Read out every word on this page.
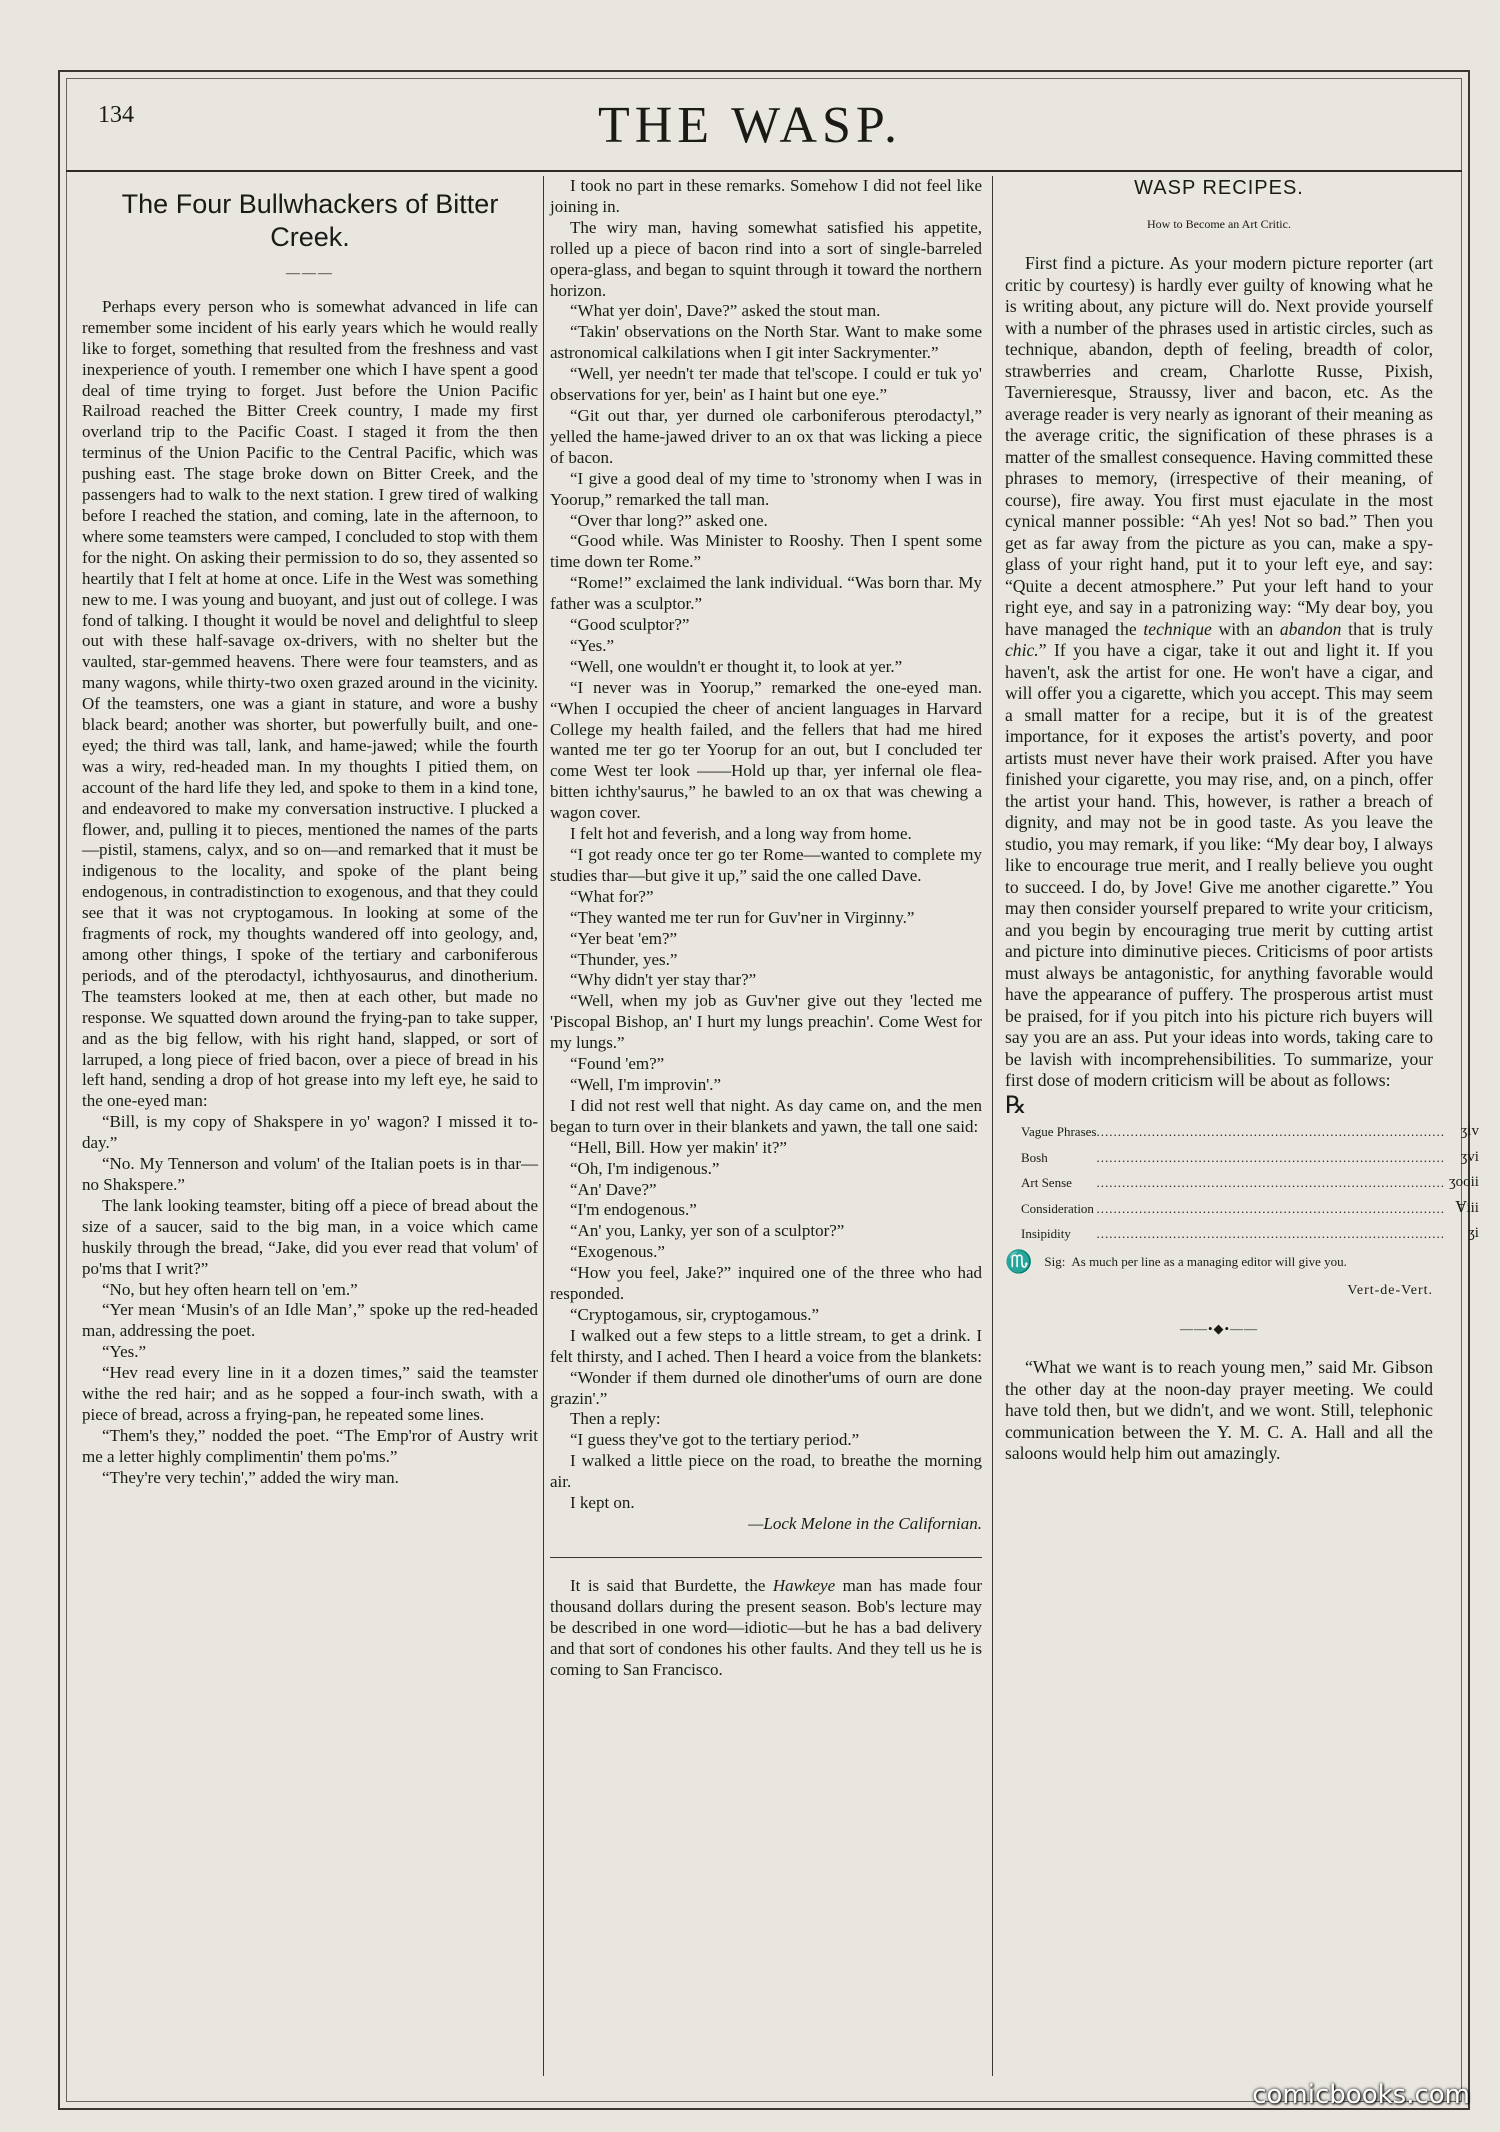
134	THE WASP.
The Four Bullwhackers of Bitter Creek.
———

Perhaps every person who is somewhat advanced in life can remember some incident of his early years which he would really like to forget, something that resulted from the freshness and vast inexperience of youth. I remember one which I have spent a good deal of time trying to forget. Just before the Union Pacific Railroad reached the Bitter Creek country, I made my first overland trip to the Pacific Coast. I staged it from the then terminus of the Union Pacific to the Central Pacific, which was pushing east. The stage broke down on Bitter Creek, and the passengers had to walk to the next station. I grew tired of walking before I reached the station, and coming, late in the afternoon, to where some teamsters were camped, I concluded to stop with them for the night. On asking their permission to do so, they assented so heartily that I felt at home at once. Life in the West was something new to me. I was young and buoyant, and just out of college. I was fond of talking. I thought it would be novel and delightful to sleep out with these half-savage ox-drivers, with no shelter but the vaulted, star-gemmed heavens. There were four teamsters, and as many wagons, while thirty-two oxen grazed around in the vicinity. Of the teamsters, one was a giant in stature, and wore a bushy black beard; another was shorter, but powerfully built, and one-eyed; the third was tall, lank, and hame-jawed; while the fourth was a wiry, red-headed man. In my thoughts I pitied them, on account of the hard life they led, and spoke to them in a kind tone, and endeavored to make my conversation instructive. I plucked a flower, and, pulling it to pieces, mentioned the names of the parts—pistil, stamens, calyx, and so on—and remarked that it must be indigenous to the locality, and spoke of the plant being endogenous, in contradistinction to exogenous, and that they could see that it was not cryptogamous. In looking at some of the fragments of rock, my thoughts wandered off into geology, and, among other things, I spoke of the tertiary and carboniferous periods, and of the pterodactyl, ichthyosaurus, and dinotherium. The teamsters looked at me, then at each other, but made no response. We squatted down around the frying-pan to take supper, and as the big fellow, with his right hand, slapped, or sort of larruped, a long piece of fried bacon, over a piece of bread in his left hand, sending a drop of hot grease into my left eye, he said to the one-eyed man:

“Bill, is my copy of Shakspere in yo' wagon? I missed it to-day.”

“No. My Tennerson and volum' of the Italian poets is in thar—no Shakspere.”

The lank looking teamster, biting off a piece of bread about the size of a saucer, said to the big man, in a voice which came huskily through the bread, “Jake, did you ever read that volum' of po'ms that I writ?”

“No, but hey often hearn tell on 'em.”

“Yer mean ‘Musin's of an Idle Man’,” spoke up the red-headed man, addressing the poet.

“Yes.”

“Hev read every line in it a dozen times,” said the teamster withe the red hair; and as he sopped a four-inch swath, with a piece of bread, across a frying-pan, he repeated some lines.

“Them's they,” nodded the poet. “The Emp'ror of Austry writ me a letter highly complimentin' them po'ms.”

“They're very techin',” added the wiry man.

I took no part in these remarks. Somehow I did not feel like joining in.

The wiry man, having somewhat satisfied his appetite, rolled up a piece of bacon rind into a sort of single-barreled opera-glass, and began to squint through it toward the northern horizon.

“What yer doin', Dave?” asked the stout man.

“Takin' observations on the North Star. Want to make some astronomical calkilations when I git inter Sackrymenter.”

“Well, yer needn't ter made that tel'scope. I could er tuk yo' observations for yer, bein' as I haint but one eye.”

“Git out thar, yer durned ole carboniferous pterodactyl,” yelled the hame-jawed driver to an ox that was licking a piece of bacon.

“I give a good deal of my time to 'stronomy when I was in Yoorup,” remarked the tall man.

“Over thar long?” asked one.

“Good while. Was Minister to Rooshy. Then I spent some time down ter Rome.”

“Rome!” exclaimed the lank individual. “Was born thar. My father was a sculptor.”

“Good sculptor?”

“Yes.”

“Well, one wouldn't er thought it, to look at yer.”

“I never was in Yoorup,” remarked the one-eyed man. “When I occupied the cheer of ancient languages in Harvard College my health failed, and the fellers that had me hired wanted me ter go ter Yoorup for an out, but I concluded ter come West ter look ——Hold up thar, yer infernal ole flea-bitten ichthy'saurus,” he bawled to an ox that was chewing a wagon cover.

I felt hot and feverish, and a long way from home.

“I got ready once ter go ter Rome—wanted to complete my studies thar—but give it up,” said the one called Dave.

“What for?”

“They wanted me ter run for Guv'ner in Virginny.”

“Yer beat 'em?”

“Thunder, yes.”

“Why didn't yer stay thar?”

“Well, when my job as Guv'ner give out they 'lected me 'Piscopal Bishop, an' I hurt my lungs preachin'. Come West for my lungs.”

“Found 'em?”

“Well, I'm improvin'.”

I did not rest well that night. As day came on, and the men began to turn over in their blankets and yawn, the tall one said:

“Hell, Bill. How yer makin' it?”

“Oh, I'm indigenous.”

“An' Dave?”

“I'm endogenous.”

“An' you, Lanky, yer son of a sculptor?”

“Exogenous.”

“How you feel, Jake?” inquired one of the three who had responded.

“Cryptogamous, sir, cryptogamous.”

I walked out a few steps to a little stream, to get a drink. I felt thirsty, and I ached. Then I heard a voice from the blankets:

“Wonder if them durned ole dinother'ums of ourn are done grazin'.”

Then a reply:

“I guess they've got to the tertiary period.”

I walked a little piece on the road, to breathe the morning air.

I kept on.

—Lock Melone in the Californian.

It is said that Burdette, the Hawkeye man has made four thousand dollars during the present season. Bob's lecture may be described in one word—idiotic—but he has a bad delivery and that sort of condones his other faults. And they tell us he is coming to San Francisco.

WASP RECIPES.
How to Become an Art Critic.

First find a picture. As your modern picture reporter (art critic by courtesy) is hardly ever guilty of knowing what he is writing about, any picture will do. Next provide yourself with a number of the phrases used in artistic circles, such as technique, abandon, depth of feeling, breadth of color, strawberries and cream, Charlotte Russe, Pixish, Tavernieresque, Straussy, liver and bacon, etc. As the average reader is very nearly as ignorant of their meaning as the average critic, the signification of these phrases is a matter of the smallest consequence. Having committed these phrases to memory, (irrespective of their meaning, of course), fire away. You first must ejaculate in the most cynical manner possible: “Ah yes! Not so bad.” Then you get as far away from the picture as you can, make a spy-glass of your right hand, put it to your left eye, and say: “Quite a decent atmosphere.” Put your left hand to your right eye, and say in a patronizing way: “My dear boy, you have managed the technique with an abandon that is truly chic.” If you have a cigar, take it out and light it. If you haven't, ask the artist for one. He won't have a cigar, and will offer you a cigarette, which you accept. This may seem a small matter for a recipe, but it is of the greatest importance, for it exposes the artist's poverty, and poor artists must never have their work praised. After you have finished your cigarette, you may rise, and, on a pinch, offer the artist your hand. This, however, is rather a breach of dignity, and may not be in good taste. As you leave the studio, you may remark, if you like: “My dear boy, I always like to encourage true merit, and I really believe you ought to succeed. I do, by Jove! Give me another cigarette.” You may then consider yourself prepared to write your criticism, and you begin by encouraging true merit by cutting artist and picture into diminutive pieces. Criticisms of poor artists must always be antagonistic, for anything favorable would have the appearance of puffery. The prosperous artist must be praised, for if you pitch into his picture rich buyers will say you are an ass. Put your ideas into words, taking care to be lavish with incomprehensibilities. To summarize, your first dose of modern criticism will be about as follows:

℞
Vague Phrases	..................................................................................	ʒiv
Bosh	..................................................................................	ʒvi
Art Sense	..................................................................................	ʒooii
Consideration	..................................................................................	Ɐiii
Insipidity	..................................................................................	ʒi
♏ Sig: As much per line as a managing editor will give you.
Vert-de-Vert.
——•◆•——

“What we want is to reach young men,” said Mr. Gibson the other day at the noon-day prayer meeting. We could have told then, but we didn't, and we wont. Still, telephonic communication between the Y. M. C. A. Hall and all the saloons would help him out amazingly.

comicbooks.com
